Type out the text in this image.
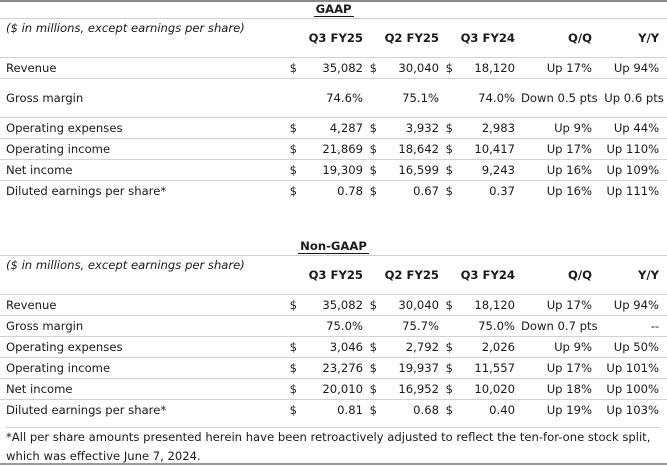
GAAP								
($ in millions, except earnings per share)		Q3 FY25		Q2 FY25		Q3 FY24	Q/Q	Y/Y
Revenue	$	35,082	$	30,040	$	18,120	Up 17%	Up 94%
Gross margin		74.6%		75.1%		74.0%	Down 0.5 pts	Up 0.6 pts
Operating expenses	$	4,287	$	3,932	$	2,983	Up 9%	Up 44%
Operating income	$	21,869	$	18,642	$	10,417	Up 17%	Up 110%
Net income	$	19,309	$	16,599	$	9,243	Up 16%	Up 109%
Diluted earnings per share*	$	0.78	$	0.67	$	0.37	Up 16%	Up 111%
Non-GAAP								
($ in millions, except earnings per share)		Q3 FY25		Q2 FY25		Q3 FY24	Q/Q	Y/Y
Revenue	$	35,082	$	30,040	$	18,120	Up 17%	Up 94%
Gross margin		75.0%		75.7%		75.0%	Down 0.7 pts	--
Operating expenses	$	3,046	$	2,792	$	2,026	Up 9%	Up 50%
Operating income	$	23,276	$	19,937	$	11,557	Up 17%	Up 101%
Net income	$	20,010	$	16,952	$	10,020	Up 18%	Up 100%
Diluted earnings per share*	$	0.81	$	0.68	$	0.40	Up 19%	Up 103%
*All per share amounts presented herein have been retroactively adjusted to reflect the ten-for-one stock split, which was effective June 7, 2024.
